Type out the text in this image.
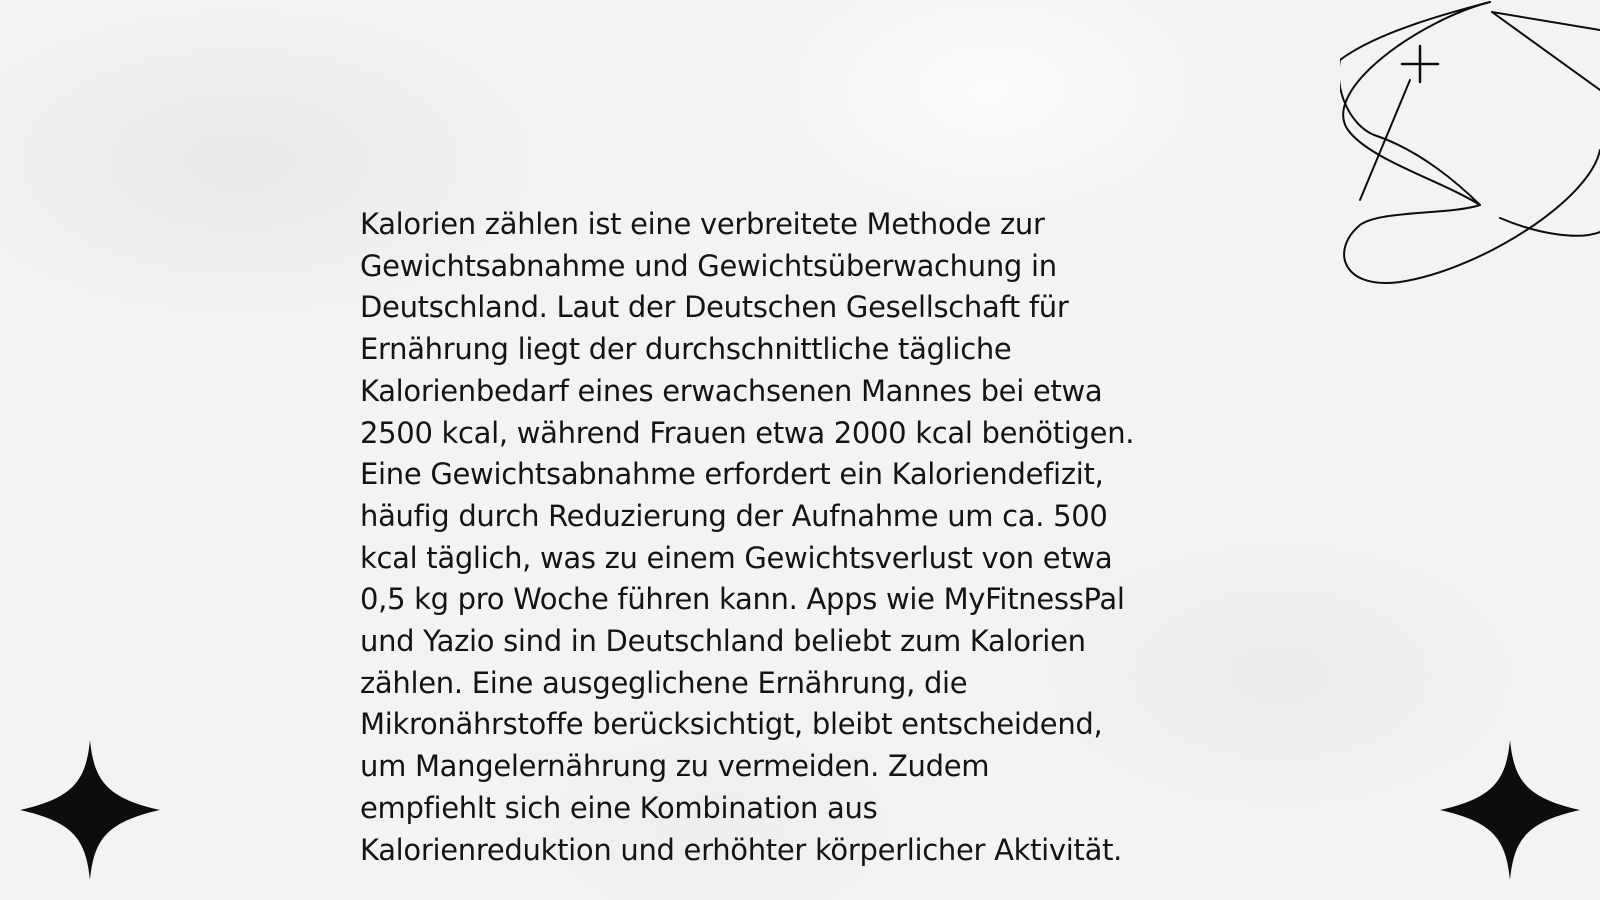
Kalorien zählen ist eine verbreitete Methode zur
Gewichtsabnahme und Gewichtsüberwachung in
Deutschland. Laut der Deutschen Gesellschaft für
Ernährung liegt der durchschnittliche tägliche
Kalorienbedarf eines erwachsenen Mannes bei etwa
2500 kcal, während Frauen etwa 2000 kcal benötigen.
Eine Gewichtsabnahme erfordert ein Kaloriendefizit,
häufig durch Reduzierung der Aufnahme um ca. 500
kcal täglich, was zu einem Gewichtsverlust von etwa
0,5 kg pro Woche führen kann. Apps wie MyFitnessPal
und Yazio sind in Deutschland beliebt zum Kalorien
zählen. Eine ausgeglichene Ernährung, die
Mikronährstoffe berücksichtigt, bleibt entscheidend,
um Mangelernährung zu vermeiden. Zudem
empfiehlt sich eine Kombination aus
Kalorienreduktion und erhöhter körperlicher Aktivität.
